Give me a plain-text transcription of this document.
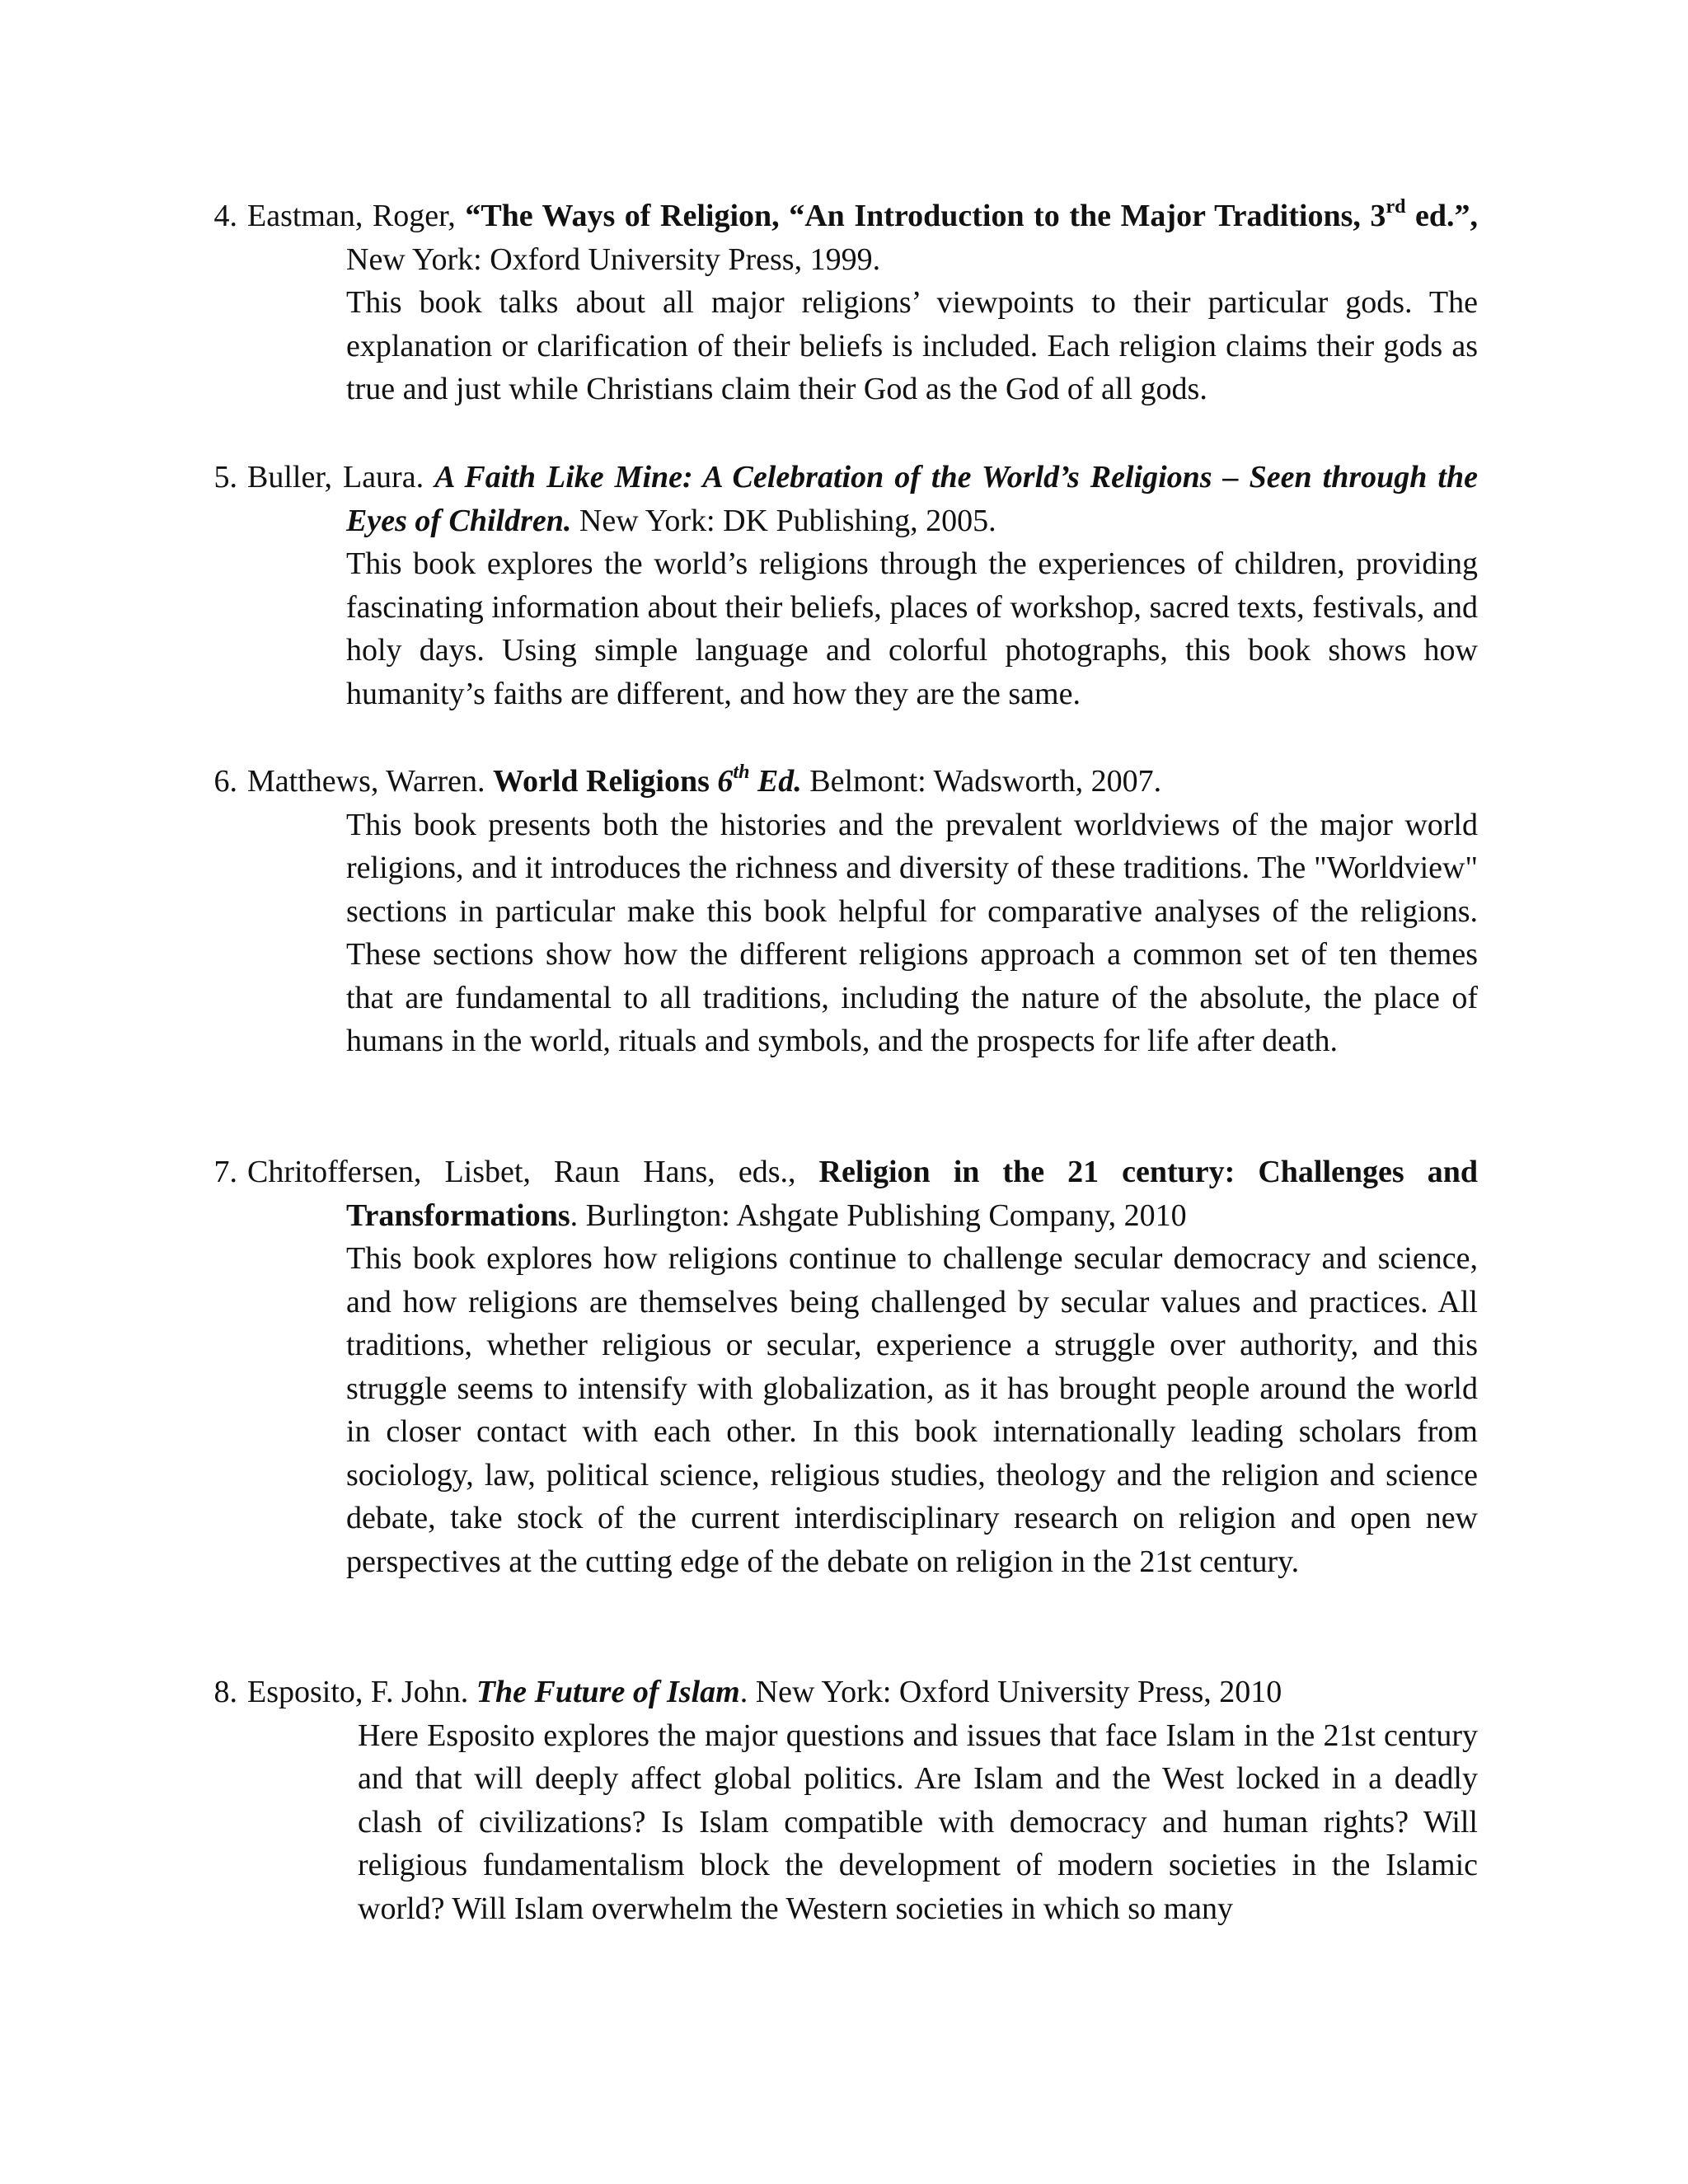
4. Eastman, Roger, “The Ways of Religion, “An Introduction to the Major Traditions, 3rd ed.”, New York: Oxford University Press, 1999.
This book talks about all major religions’ viewpoints to their particular gods. The explanation or clarification of their beliefs is included. Each religion claims their gods as true and just while Christians claim their God as the God of all gods.
5. Buller, Laura. A Faith Like Mine: A Celebration of the World’s Religions – Seen through the Eyes of Children. New York: DK Publishing, 2005.
This book explores the world’s religions through the experiences of children, providing fascinating information about their beliefs, places of workshop, sacred texts, festivals, and holy days. Using simple language and colorful photographs, this book shows how humanity’s faiths are different, and how they are the same.
6. Matthews, Warren. World Religions 6th Ed. Belmont: Wadsworth, 2007.
This book presents both the histories and the prevalent worldviews of the major world religions, and it introduces the richness and diversity of these traditions. The "Worldview" sections in particular make this book helpful for comparative analyses of the religions. These sections show how the different religions approach a common set of ten themes that are fundamental to all traditions, including the nature of the absolute, the place of humans in the world, rituals and symbols, and the prospects for life after death.
7. Chritoffersen, Lisbet, Raun Hans, eds., Religion in the 21 century: Challenges and Transformations. Burlington: Ashgate Publishing Company, 2010
This book explores how religions continue to challenge secular democracy and science, and how religions are themselves being challenged by secular values and practices. All traditions, whether religious or secular, experience a struggle over authority, and this struggle seems to intensify with globalization, as it has brought people around the world in closer contact with each other. In this book internationally leading scholars from sociology, law, political science, religious studies, theology and the religion and science debate, take stock of the current interdisciplinary research on religion and open new perspectives at the cutting edge of the debate on religion in the 21st century.
8. Esposito, F. John. The Future of Islam. New York: Oxford University Press, 2010
Here Esposito explores the major questions and issues that face Islam in the 21st century and that will deeply affect global politics. Are Islam and the West locked in a deadly clash of civilizations? Is Islam compatible with democracy and human rights? Will religious fundamentalism block the development of modern societies in the Islamic world? Will Islam overwhelm the Western societies in which so many
